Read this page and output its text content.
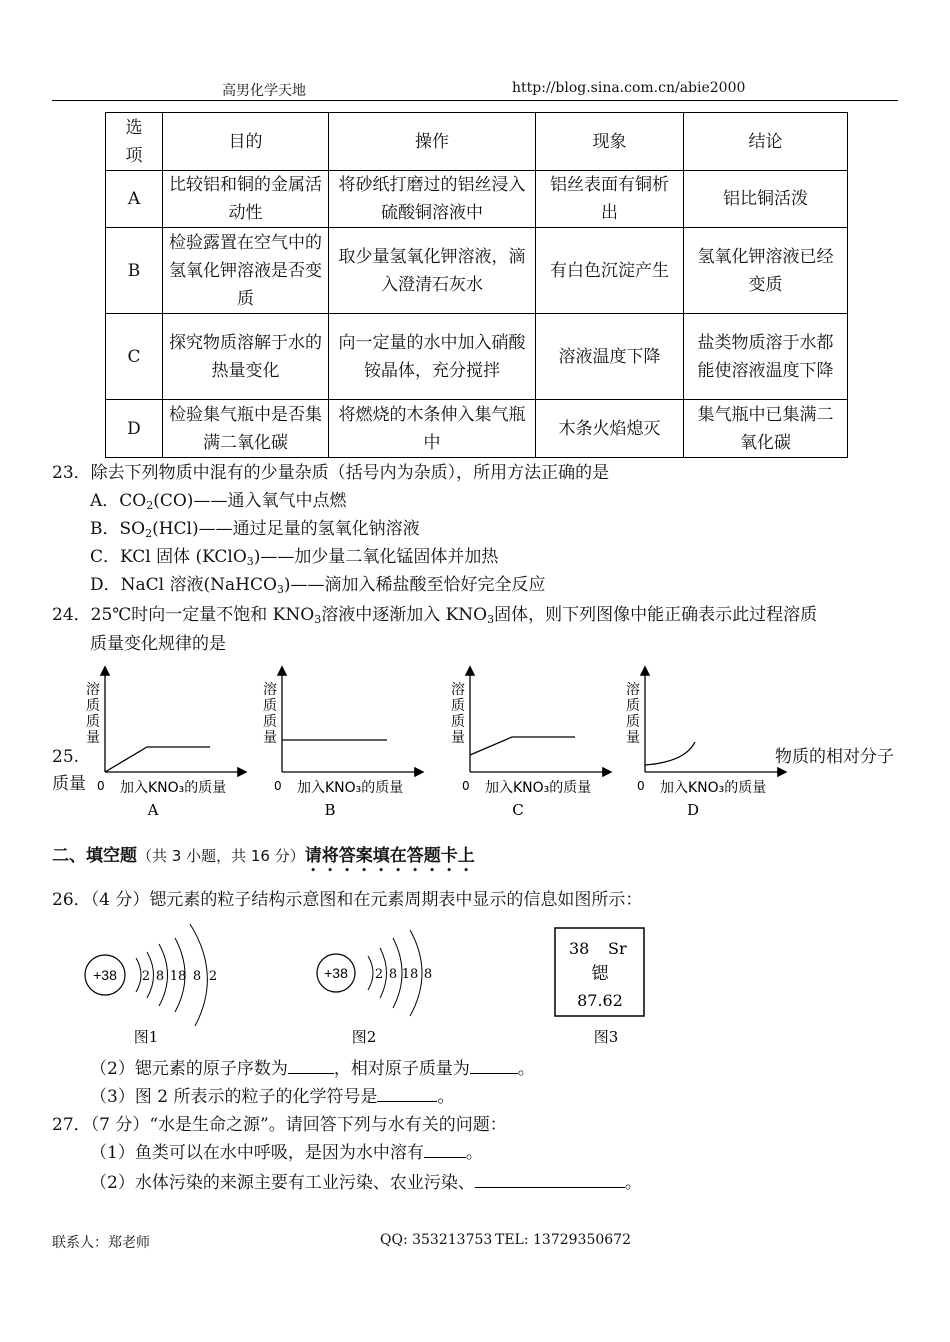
高男化学天地	http://blog.sina.com.cn/abie2000
选项	目的	操作	现象	结论
A	比较铝和铜的金属活动性	将砂纸打磨过的铝丝浸入硫酸铜溶液中	铝丝表面有铜析出	铝比铜活泼
B	检验露置在空气中的氢氧化钾溶液是否变质	取少量氢氧化钾溶液，滴入澄清石灰水	有白色沉淀产生	氢氧化钾溶液已经变质
C	探究物质溶解于水的热量变化	向一定量的水中加入硝酸铵晶体，充分搅拌	溶液温度下降	盐类物质溶于水都能使溶液温度下降
D	检验集气瓶中是否集满二氧化碳	将燃烧的木条伸入集气瓶中	木条火焰熄灭	集气瓶中已集满二氧化碳
23．除去下列物质中混有的少量杂质（括号内为杂质），所用方法正确的是
A．$CO_2(CO)——$通入氧气中点燃
B．$SO_2(HCl)——$通过足量的氢氧化钠溶液
C．KCl 固体 (KClO$_3$)——加少量二氧化锰固体并加热
D．NaCl 溶液(NaHCO$_3$)——滴加入稀盐酸至恰好完全反应
24．25℃时向一定量不饱和 $KNO_3$溶液中逐渐加入 $KNO_3$固体，则下列图像中能正确表示此过程溶质
质量变化规律的是
25.	物质的相对分子
质量
溶
质
质
量
0 加入KNO₃的质量
A
溶
质
质
量
0 加入KNO₃的质量
B
溶
质
质
量
0 加入KNO₃的质量
C
溶
质
质
量
0 加入KNO₃的质量
D
二、填空题（共 3 小题，共 16 分）请将答案填在答题卡上
26．（4 分）锶元素的粒子结构示意图和在元素周期表中显示的信息如图所示：
+38 2 8 18 8 2
图1
+38 2 8 18 8
图2
38 Sr
锶
87.62
图3
（2）锶元素的原子序数为	，相对原子质量为	。
（3）图 2 所表示的粒子的化学符号是	。
27．（7 分）“水是生命之源”。请回答下列与水有关的问题：
（1）鱼类可以在水中呼吸，是因为水中溶有 。
（2）水体污染的来源主要有工业污染、农业污染、	。
联系人：郑老师	QQ: 353213753 TEL: 13729350672
